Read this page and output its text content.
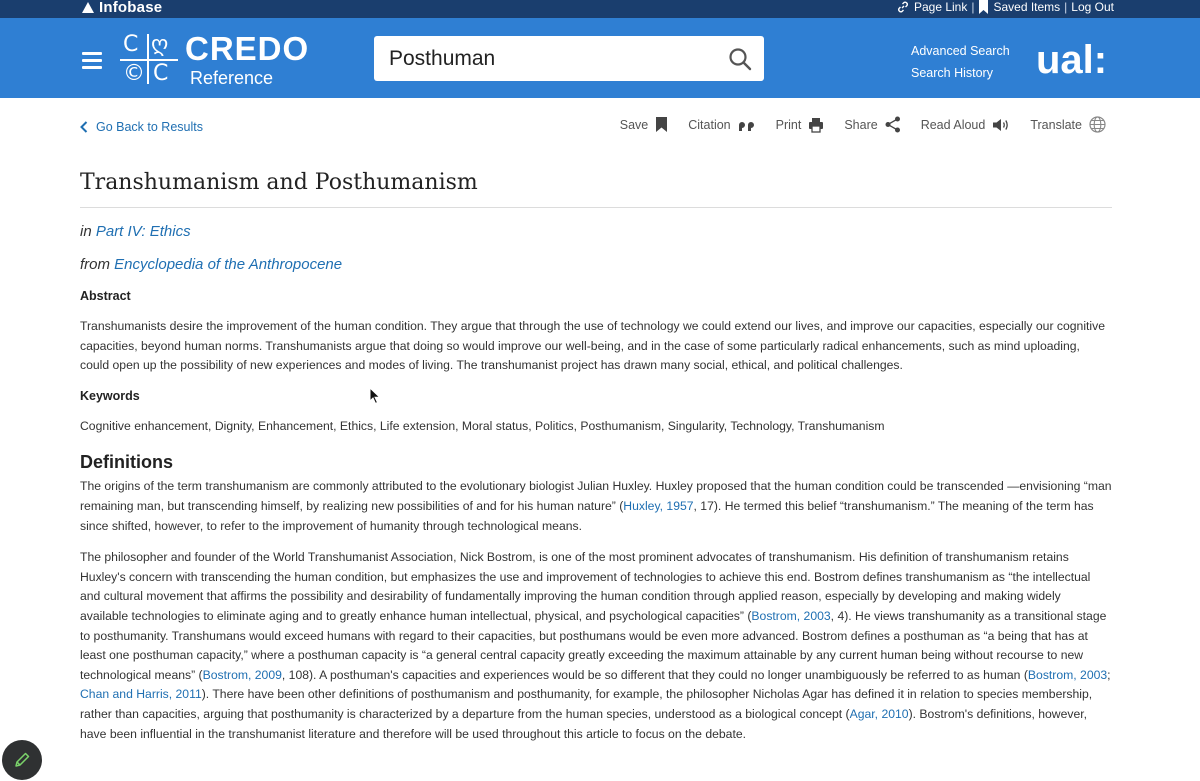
Infobase	Page Link | Saved Items | Log Out
C ღ
© C
CREDO
Reference
Posthuman
Advanced Search
Search History	ual:
Go Back to Results	Save	Citation	Print	Share	Read Aloud	Translate
Transhumanism and Posthumanism
in Part IV: Ethics
from Encyclopedia of the Anthropocene
Abstract
Transhumanists desire the improvement of the human condition. They argue that through the use of technology we could extend our lives, and improve our capacities, especially our cognitive capacities, beyond human norms. Transhumanists argue that doing so would improve our well-being, and in the case of some particularly radical enhancements, such as mind uploading, could open up the possibility of new experiences and modes of living. The transhumanist project has drawn many social, ethical, and political challenges.
Keywords
Cognitive enhancement, Dignity, Enhancement, Ethics, Life extension, Moral status, Politics, Posthumanism, Singularity, Technology, Transhumanism
Definitions
The origins of the term transhumanism are commonly attributed to the evolutionary biologist Julian Huxley. Huxley proposed that the human condition could be transcended —envisioning “man remaining man, but transcending himself, by realizing new possibilities of and for his human nature” (Huxley, 1957, 17). He termed this belief “transhumanism.” The meaning of the term has since shifted, however, to refer to the improvement of humanity through technological means.
The philosopher and founder of the World Transhumanist Association, Nick Bostrom, is one of the most prominent advocates of transhumanism. His definition of transhumanism retains Huxley's concern with transcending the human condition, but emphasizes the use and improvement of technologies to achieve this end. Bostrom defines transhumanism as “the intellectual and cultural movement that affirms the possibility and desirability of fundamentally improving the human condition through applied reason, especially by developing and making widely available technologies to eliminate aging and to greatly enhance human intellectual, physical, and psychological capacities” (Bostrom, 2003, 4). He views transhumanity as a transitional stage to posthumanity. Transhumans would exceed humans with regard to their capacities, but posthumans would be even more advanced. Bostrom defines a posthuman as “a being that has at least one posthuman capacity,” where a posthuman capacity is “a general central capacity greatly exceeding the maximum attainable by any current human being without recourse to new technological means” (Bostrom, 2009, 108). A posthuman's capacities and experiences would be so different that they could no longer unambiguously be referred to as human (Bostrom, 2003; Chan and Harris, 2011). There have been other definitions of posthumanism and posthumanity, for example, the philosopher Nicholas Agar has defined it in relation to species membership, rather than capacities, arguing that posthumanity is characterized by a departure from the human species, understood as a biological concept (Agar, 2010). Bostrom's definitions, however, have been influential in the transhumanist literature and therefore will be used throughout this article to focus on the debate.
